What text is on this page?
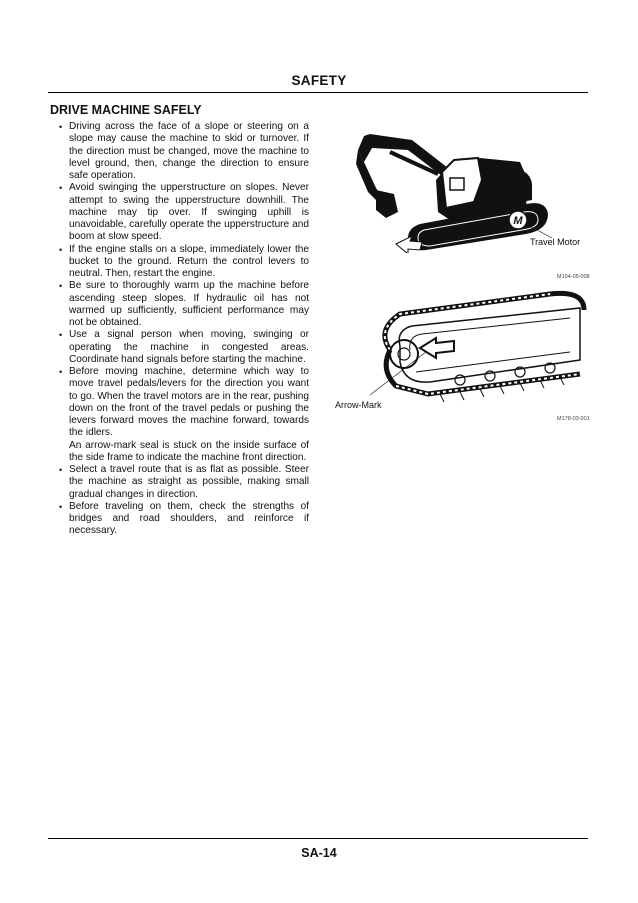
SAFETY
DRIVE MACHINE SAFELY
• Driving across the face of a slope or steering on a slope may cause the machine to skid or turnover. If the direction must be changed, move the machine to level ground, then, change the direction to ensure safe operation.

• Avoid swinging the upperstructure on slopes. Never attempt to swing the upperstructure downhill. The machine may tip over. If swinging uphill is unavoidable, carefully operate the upperstructure and boom at slow speed.

• If the engine stalls on a slope, immediately lower the bucket to the ground. Return the control levers to neutral. Then, restart the engine.

• Be sure to thoroughly warm up the machine before ascending steep slopes. If hydraulic oil has not warmed up sufficiently, sufficient performance may not be obtained.

• Use a signal person when moving, swinging or operating the machine in congested areas. Coordinate hand signals before starting the machine.

• Before moving machine, determine which way to move travel pedals/levers for the direction you want to go. When the travel motors are in the rear, pushing down on the front of the travel pedals or pushing the levers forward moves the machine forward, towards the idlers.

An arrow-mark seal is stuck on the inside surface of the side frame to indicate the machine front direction.

• Select a travel route that is as flat as possible. Steer the machine as straight as possible, making small gradual changes in direction.

• Before traveling on them, check the strengths of bridges and road shoulders, and reinforce if necessary.

M
Travel Motor
M104-05-008
Arrow-Mark
M178-03-001
SA-14
